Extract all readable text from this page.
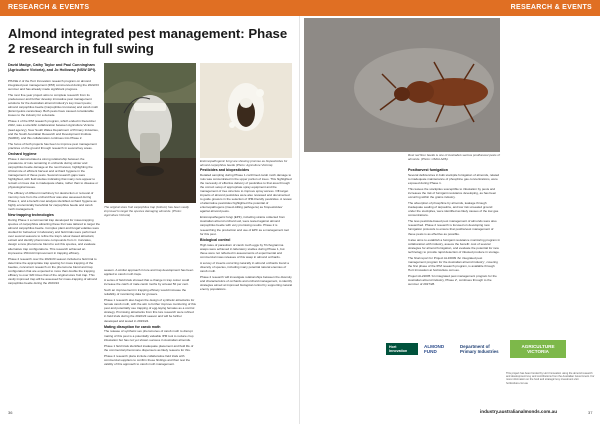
RESEARCH & EVENTS	RESEARCH & EVENTS
Almond integrated pest management: Phase 2 research in full swing
David Madge, Cathy Taylor and Paul Cunningham (Agriculture Victoria), and Jo Holloway (NSW DPI).

PHASE 2 of the Hort Innovation research program on almond integrated pest management (IPM) commenced during the 2022/23 summer and has already made significant progress.

The next five-year project aims to complete research from its predecessor and further develop innovative pest management solutions for the Australian almond industry's key insect pests; almond carpophilus beetle (Carpophilus truncatus) and carob moth (Ectomyelois ceratoniae). Both pests have caused considerable losses to the industry for a decade.

Phase 1 of the IPM research program, which ended in December 2022, was a scientific collaboration between Agriculture Victoria (lead agency), New South Wales Department of Primary Industries, and the South Australian Research and Development Institute (SARDI), and this collaboration continues into Phase 2.

The focus of both projects has been to improve pest management practices on the ground through research in several key areas.

Orchard hygiene

Phase 1 demonstrated a strong relationship between the prevalence of nuts remaining in orchards during winter and carpophilus beetle damage at the next harvest, highlighting the critical role of efficient harvest and orchard hygiene in the management of these pests. Several research gaps were highlighted, with field studies indicating that many nuts appear to remain on trees due to inadequate shake, rather than to disease or physiological issues.

The efficacy of different machinery for destruction or removal of mummy nuts from the orchard floor was also assessed during Phase 1, and a benefit cost analysis identified orchard hygiene as highly economically beneficial for carpophilus beetle and carob moth management.

New trapping technologies

During Phase 1 a commercial trap developed for mass-trapping species of carpophilus attracting these fruit was tailored to target the almond carpophilus beetle. Complex plant and fungal volatiles were studied for behaviour in laboratory and field trials were performed over several seasons to refine the trap's odour-based attractant, extract and identify pheromone compounds from C. truncatus, design a new pheromone blend to suit this species, and evaluate alternative trap configurations. This research achieved an impressive 150-fold improvement in trapping efficacy.

Phase 2 research over the 2022/23 season included a field trial to determine the appropriate trap spacing for mass trapping of the beetles, concurrent research on the pheromone blend and trap configuration that are expected to more than double the trapping efficacy to over 320 times that of the original store fruit trap. This vastly improved trap will be assessed for mass-trapping of almond carpophilus beetle during the 2023/24

The original store fruit carpophilus trap (bottom) has been vastly improved to target the species damaging almonds. (Photo: Agriculture Victoria)

season. A similar approach in lure and trap development has been applied to carob moth traps.

A series of field trials showed that a change in trap colour could increase the catch of male carob moths by at least 50 per cent.

Such an improvement in trapping efficacy would increase the reliability of monitoring data for growers.

Phase 1 research also began the design of synthetic attractants for female carob moth, with the aim to further improve monitoring of this pest and potentially use trapping of egg-laying females as a control strategy. Promising attractants from this lure research were refined in field trials during the 2022/23 season and will be further developed and tested in 2023/24.

Mating disruption for carob moth

The release of synthetic sex pheromones of carob moth to disrupt mating of this pest is a potentially valuable IPM tool to reduce crop infestation but has not yet shown success in Australian almonds.

Phase 1 field trials identified inadequate placement and field life of the commercial pheromone dispensers as likely reasons for this.

Phase 2 research plans include collaborative field trials with commercial suppliers to confirm these findings and then test the validity of this approach to carob moth management.

Entomopathogenic fungi are showing promise as biopesticides for almond carpophilus beetle (Photo: Agriculture Victoria).
Pesticides and biopesticides

Detailed sampling during Phase 1 confirmed carob moth damage to nuts was concentrated in the upper portion of trees. This highlighted the necessity of effective delivery of pesticides to that area through the correct setup of appropriate spray equipment and the management of tree structure to improve spray access. Off-target impacts of almond pesticides were also reviewed and documented to guide growers in the selection of IPM-friendly pesticides. A review of alternative pesticides highlighted the potential of entomopathogens (insect-killing pathogens) as 'biopesticides' against almond pests.

Entomopathogenic fungi (EPF), including strains collected from Australian almond orchard soil, were tested against almond carpophilus beetle with very promising results. Phase 2 is researching the production and use of EPF as a management tool for this pest.

Biological control

High rates of parasitism of carob moth eggs by Trichogramma wasps were achieved in laboratory studies during Phase 1, but these were not reflected in assessments of experimental and commercial mass releases of this wasp in almond orchards.

A survey of insects occurring naturally in almond orchards found a diversity of species, including many potential natural enemies of carob moth.

Phase 2 research will investigate relationships between the diversity and characteristics of orchards and orchard management, to identify strategies aimed at improved biological control by supporting natural enemy populations.

Rust red flour beetle is one of Australia's serious postharvest pests of almonds. (Photo: USDA ARS).
Postharvest fumigation

Several deficiencies in bulk stockpile fumigation of almonds, related to inadequate maintenance of phosphine gas concentrations, were exposed during Phase 1.

This leaves the stockpiles susceptible to infestation by pests and increases the risk of fumigant resistance developing, as has been occurring within the grains industry.

The absorption of phosphine by almonds, leakage through inadequate sealing of tarpaulins, and low risk unsealed ground under the stockpiles, were identified as likely causes of the low gas concentrations.

The less pesticide-based pest management of almonds were also researched. Phase 2 research is focused on developing new fumigation protocols to ensure that postharvest management of these pests is as effective as possible.

It also aims to establish a fumigant resistance monitoring program in collaboration with industry, assess the benefit: cost of several strategies for almond fumigation, and evaluate the potential for new technology to provide rapid detection of infested produce in storage.

The final report for Project AL16009 'An integrated pest management program for the Australian almond industry', covering the first phase of the IPM research program, is available through Hort Innovation at horticulture.com.au.

Project AL22005 'An integrated pest management program for the Australian almond industry, Phase 2', continues through to the summer of 2027/28.

Hort Innovation
ALMOND FUND
Department of Primary Industries
AGRICULTURE VICTORIA
This project has been funded by Hort Innovation using the almond research and development levy and contributions from the Australian Government. For more information on the fund and strategic levy investment visit horticulture.com.au
36	industry.australianalmonds.com.au	37
